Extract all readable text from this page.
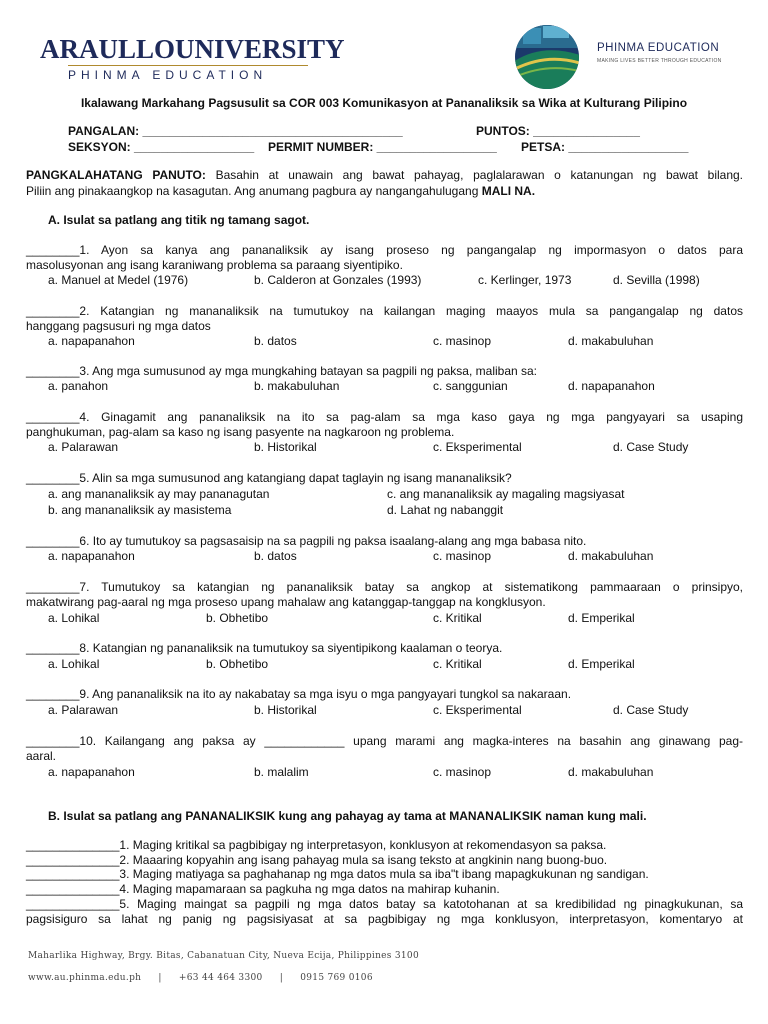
ARAULLOUNIVERSITY
PHINMA EDUCATION
PHINMA EDUCATION
MAKING LIVES BETTER THROUGH EDUCATION
Ikalawang Markahang Pagsusulit sa COR 003 Komunikasyon at Pananaliksik sa Wika at Kulturang Pilipino
PANGALAN: _______________________________________	PUNTOS: ________________
SEKSYON: __________________ PERMIT NUMBER: __________________ PETSA: __________________
PANGKALAHATANG PANUTO: Basahin at unawain ang bawat pahayag, paglalarawan o katanungan ng bawat bilang.
Piliin ang pinakaangkop na kasagutan. Ang anumang pagbura ay nangangahulugang MALI NA.
A. Isulat sa patlang ang titik ng tamang sagot.
________1. Ayon sa kanya ang pananaliksik ay isang proseso ng pangangalap ng impormasyon o datos para
masolusyonan ang isang karaniwang problema sa paraang siyentipiko.
a. Manuel at Medel (1976)	b. Calderon at Gonzales (1993)	c. Kerlinger, 1973	d. Sevilla (1998)
________2. Katangian ng mananaliksik na tumutukoy na kailangan maging maayos mula sa pangangalap ng datos
hanggang pagsusuri ng mga datos
a. napapanahon	b. datos	c. masinop	d. makabuluhan
________3. Ang mga sumusunod ay mga mungkahing batayan sa pagpili ng paksa, maliban sa:
a. panahon	b. makabuluhan	c. sanggunian	d. napapanahon
________4. Ginagamit ang pananaliksik na ito sa pag-alam sa mga kaso gaya ng mga pangyayari sa usaping
panghukuman, pag-alam sa kaso ng isang pasyente na nagkaroon ng problema.
a. Palarawan	b. Historikal	c. Eksperimental	d. Case Study
________5. Alin sa mga sumusunod ang katangiang dapat taglayin ng isang mananaliksik?
a. ang mananaliksik ay may pananagutan	c. ang mananaliksik ay magaling magsiyasat
b. ang mananaliksik ay masistema	d. Lahat ng nabanggit
________6. Ito ay tumutukoy sa pagsasaisip na sa pagpili ng paksa isaalang-alang ang mga babasa nito.
a. napapanahon	b. datos	c. masinop	d. makabuluhan
________7. Tumutukoy sa katangian ng pananaliksik batay sa angkop at sistematikong pammaaraan o prinsipyo,
makatwirang pag-aaral ng mga proseso upang mahalaw ang katanggap-tanggap na kongklusyon.
a. Lohikal	b. Obhetibo	c. Kritikal	d. Emperikal
________8. Katangian ng pananaliksik na tumutukoy sa siyentipikong kaalaman o teorya.
a. Lohikal	b. Obhetibo	c. Kritikal	d. Emperikal
________9. Ang pananaliksik na ito ay nakabatay sa mga isyu o mga pangyayari tungkol sa nakaraan.
a. Palarawan	b. Historikal	c. Eksperimental	d. Case Study
________10. Kailangang ang paksa ay ____________ upang marami ang magka-interes na basahin ang ginawang pag-
aaral.
a. napapanahon	b. malalim	c. masinop	d. makabuluhan
B. Isulat sa patlang ang PANANALIKSIK kung ang pahayag ay tama at MANANALIKSIK naman kung mali.
______________1. Maging kritikal sa pagbibigay ng interpretasyon, konklusyon at rekomendasyon sa paksa.
______________2. Maaaring kopyahin ang isang pahayag mula sa isang teksto at angkinin nang buong-buo.
______________3. Maging matiyaga sa paghahanap ng mga datos mula sa iba"t ibang mapagkukunan ng sandigan.
______________4. Maging mapamaraan sa pagkuha ng mga datos na mahirap kuhanin.
______________5. Maging maingat sa pagpili ng mga datos batay sa katotohanan at sa kredibilidad ng pinagkukunan, sa
pagsisiguro sa lahat ng panig ng pagsisiyasat at sa pagbibigay ng mga konklusyon, interpretasyon, komentaryo at
Maharlika Highway, Brgy. Bitas, Cabanatuan City, Nueva Ecija, Philippines 3100
www.au.phinma.edu.ph | +63 44 464 3300 | 0915 769 0106
